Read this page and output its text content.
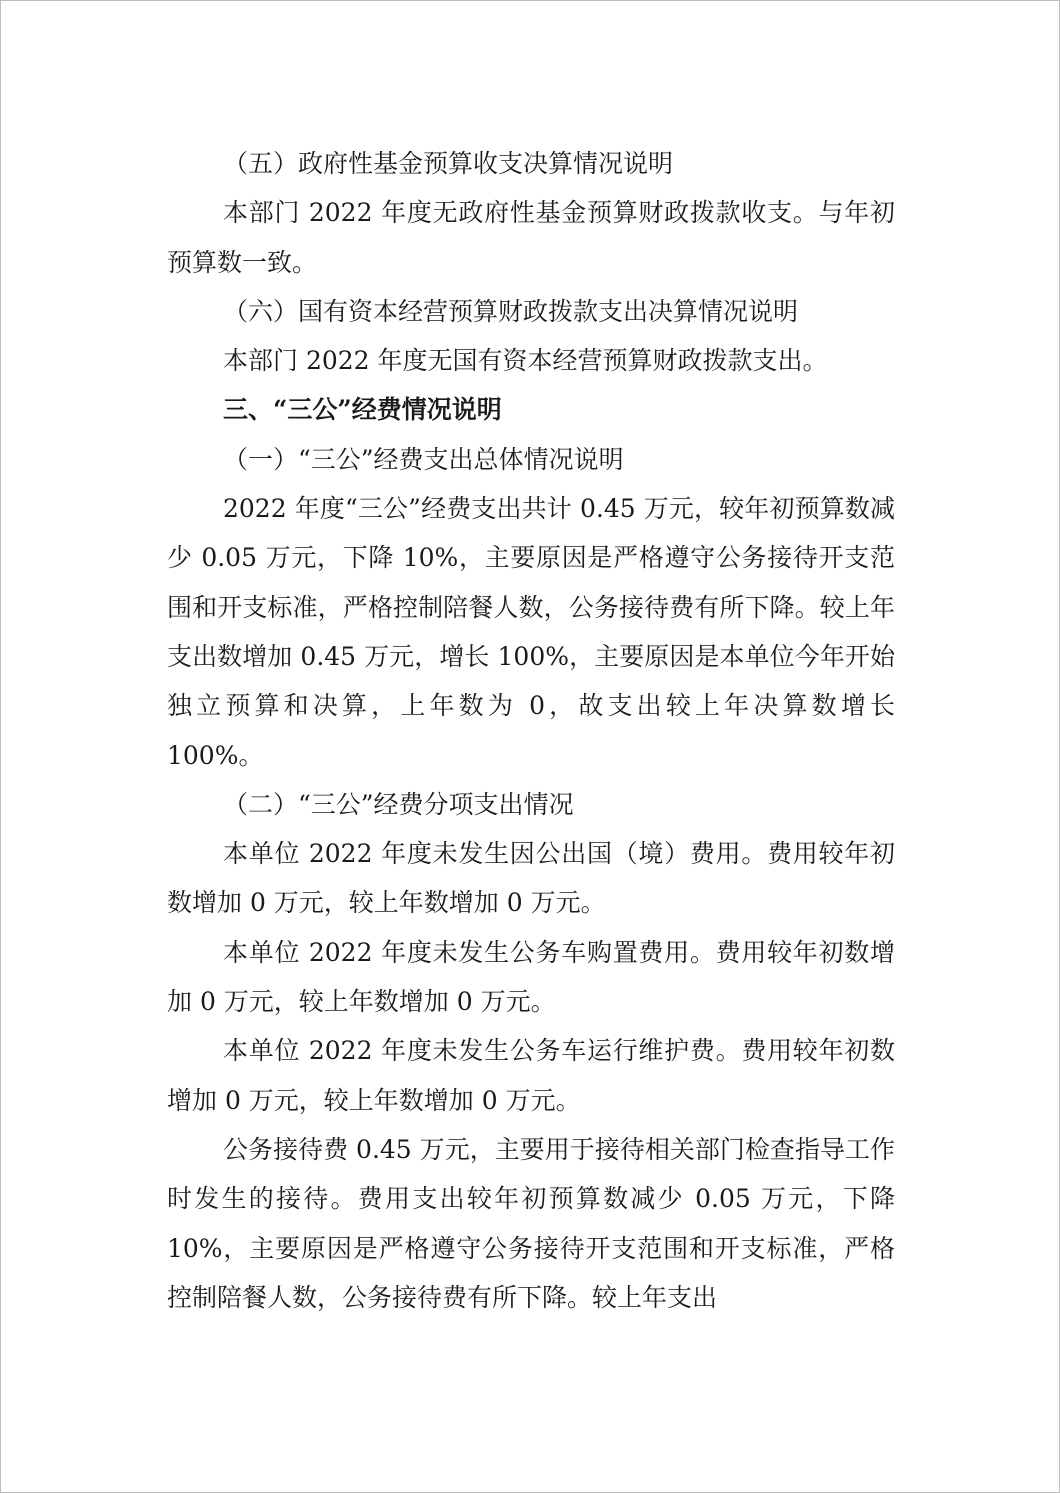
（五）政府性基金预算收支决算情况说明

本部门 2022 年度无政府性基金预算财政拨款收支。与年初预算数一致。

（六）国有资本经营预算财政拨款支出决算情况说明

本部门 2022 年度无国有资本经营预算财政拨款支出。

三、“三公”经费情况说明

（一）“三公”经费支出总体情况说明

2022 年度“三公”经费支出共计 0.45 万元，较年初预算数减少 0.05 万元，下降 10%，主要原因是严格遵守公务接待开支范围和开支标准，严格控制陪餐人数，公务接待费有所下降。较上年支出数增加 0.45 万元，增长 100%，主要原因是本单位今年开始独立预算和决算，上年数为 0，故支出较上年决算数增长 100%。

（二）“三公”经费分项支出情况

本单位 2022 年度未发生因公出国（境）费用。费用较年初数增加 0 万元，较上年数增加 0 万元。

本单位 2022 年度未发生公务车购置费用。费用较年初数增加 0 万元，较上年数增加 0 万元。

本单位 2022 年度未发生公务车运行维护费。费用较年初数增加 0 万元，较上年数增加 0 万元。

公务接待费 0.45 万元，主要用于接待相关部门检查指导工作时发生的接待。费用支出较年初预算数减少 0.05 万元，下降 10%，主要原因是严格遵守公务接待开支范围和开支标准，严格控制陪餐人数，公务接待费有所下降。较上年支出
